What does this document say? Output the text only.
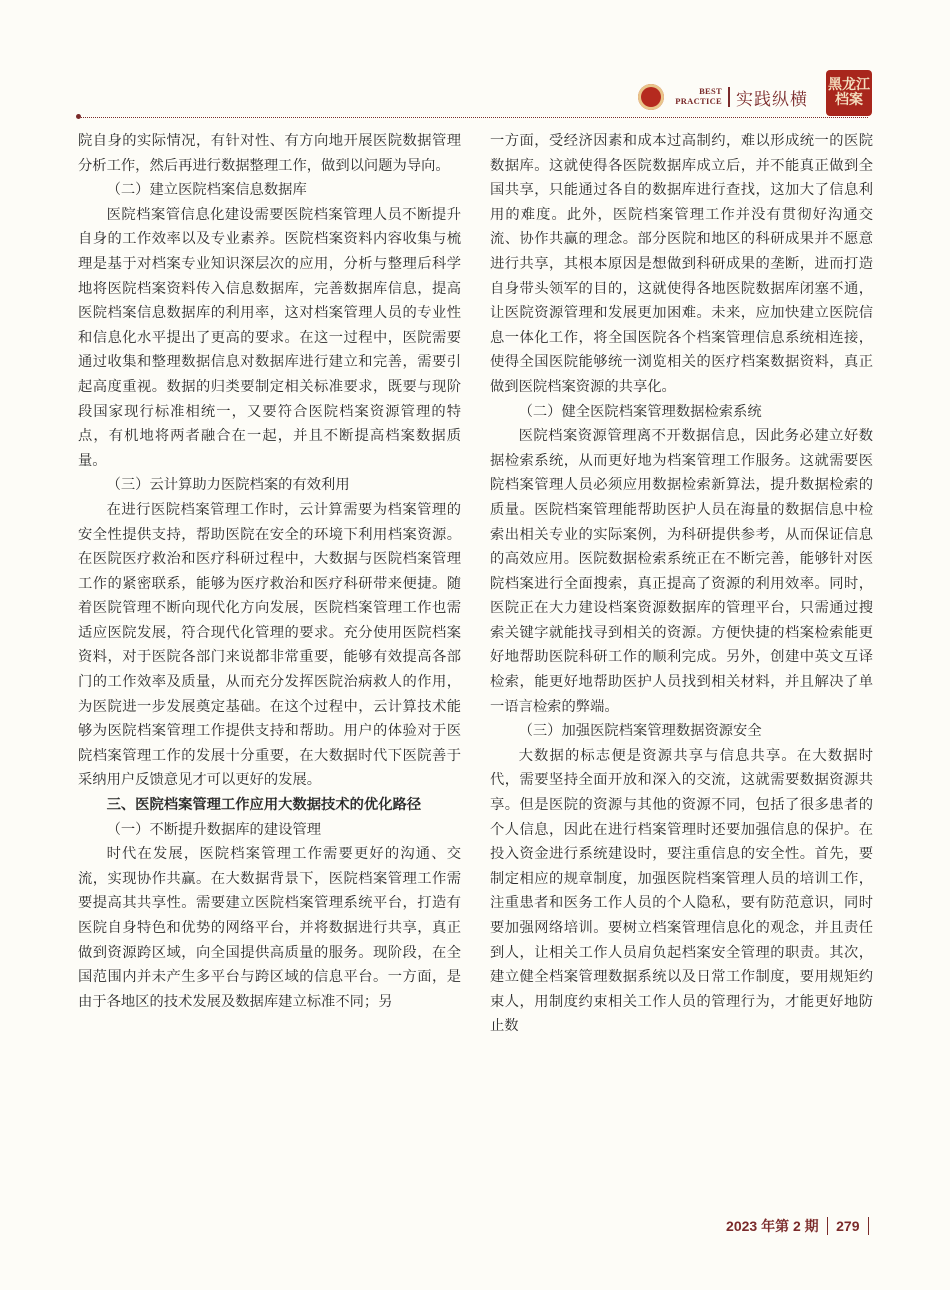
BEST PRACTICE 实践纵横
黑龙江档案

院自身的实际情况，有针对性、有方向地开展医院数据管理分析工作，然后再进行数据整理工作，做到以问题为导向。

（二）建立医院档案信息数据库

医院档案管信息化建设需要医院档案管理人员不断提升自身的工作效率以及专业素养。医院档案资料内容收集与梳理是基于对档案专业知识深层次的应用，分析与整理后科学地将医院档案资料传入信息数据库，完善数据库信息，提高医院档案信息数据库的利用率，这对档案管理人员的专业性和信息化水平提出了更高的要求。在这一过程中，医院需要通过收集和整理数据信息对数据库进行建立和完善，需要引起高度重视。数据的归类要制定相关标准要求，既要与现阶段国家现行标准相统一，又要符合医院档案资源管理的特点，有机地将两者融合在一起，并且不断提高档案数据质量。

（三）云计算助力医院档案的有效利用

在进行医院档案管理工作时，云计算需要为档案管理的安全性提供支持，帮助医院在安全的环境下利用档案资源。在医院医疗救治和医疗科研过程中，大数据与医院档案管理工作的紧密联系，能够为医疗救治和医疗科研带来便捷。随着医院管理不断向现代化方向发展，医院档案管理工作也需适应医院发展，符合现代化管理的要求。充分使用医院档案资料，对于医院各部门来说都非常重要，能够有效提高各部门的工作效率及质量，从而充分发挥医院治病救人的作用，为医院进一步发展奠定基础。在这个过程中，云计算技术能够为医院档案管理工作提供支持和帮助。用户的体验对于医院档案管理工作的发展十分重要，在大数据时代下医院善于采纳用户反馈意见才可以更好的发展。

三、医院档案管理工作应用大数据技术的优化路径

（一）不断提升数据库的建设管理

时代在发展，医院档案管理工作需要更好的沟通、交流，实现协作共赢。在大数据背景下，医院档案管理工作需要提高其共享性。需要建立医院档案管理系统平台，打造有医院自身特色和优势的网络平台，并将数据进行共享，真正做到资源跨区域，向全国提供高质量的服务。现阶段，在全国范围内并未产生多平台与跨区域的信息平台。一方面，是由于各地区的技术发展及数据库建立标准不同；另

一方面，受经济因素和成本过高制约，难以形成统一的医院数据库。这就使得各医院数据库成立后，并不能真正做到全国共享，只能通过各自的数据库进行查找，这加大了信息利用的难度。此外，医院档案管理工作并没有贯彻好沟通交流、协作共赢的理念。部分医院和地区的科研成果并不愿意进行共享，其根本原因是想做到科研成果的垄断，进而打造自身带头领军的目的，这就使得各地医院数据库闭塞不通，让医院资源管理和发展更加困难。未来，应加快建立医院信息一体化工作，将全国医院各个档案管理信息系统相连接，使得全国医院能够统一浏览相关的医疗档案数据资料，真正做到医院档案资源的共享化。

（二）健全医院档案管理数据检索系统

医院档案资源管理离不开数据信息，因此务必建立好数据检索系统，从而更好地为档案管理工作服务。这就需要医院档案管理人员必须应用数据检索新算法，提升数据检索的质量。医院档案管理能帮助医护人员在海量的数据信息中检索出相关专业的实际案例，为科研提供参考，从而保证信息的高效应用。医院数据检索系统正在不断完善，能够针对医院档案进行全面搜索，真正提高了资源的利用效率。同时，医院正在大力建设档案资源数据库的管理平台，只需通过搜索关键字就能找寻到相关的资源。方便快捷的档案检索能更好地帮助医院科研工作的顺利完成。另外，创建中英文互译检索，能更好地帮助医护人员找到相关材料，并且解决了单一语言检索的弊端。

（三）加强医院档案管理数据资源安全

大数据的标志便是资源共享与信息共享。在大数据时代，需要坚持全面开放和深入的交流，这就需要数据资源共享。但是医院的资源与其他的资源不同，包括了很多患者的个人信息，因此在进行档案管理时还要加强信息的保护。在投入资金进行系统建设时，要注重信息的安全性。首先，要制定相应的规章制度，加强医院档案管理人员的培训工作，注重患者和医务工作人员的个人隐私，要有防范意识，同时要加强网络培训。要树立档案管理信息化的观念，并且责任到人，让相关工作人员肩负起档案安全管理的职责。其次，建立健全档案管理数据系统以及日常工作制度，要用规矩约束人，用制度约束相关工作人员的管理行为，才能更好地防止数

2023 年第 2 期 279
